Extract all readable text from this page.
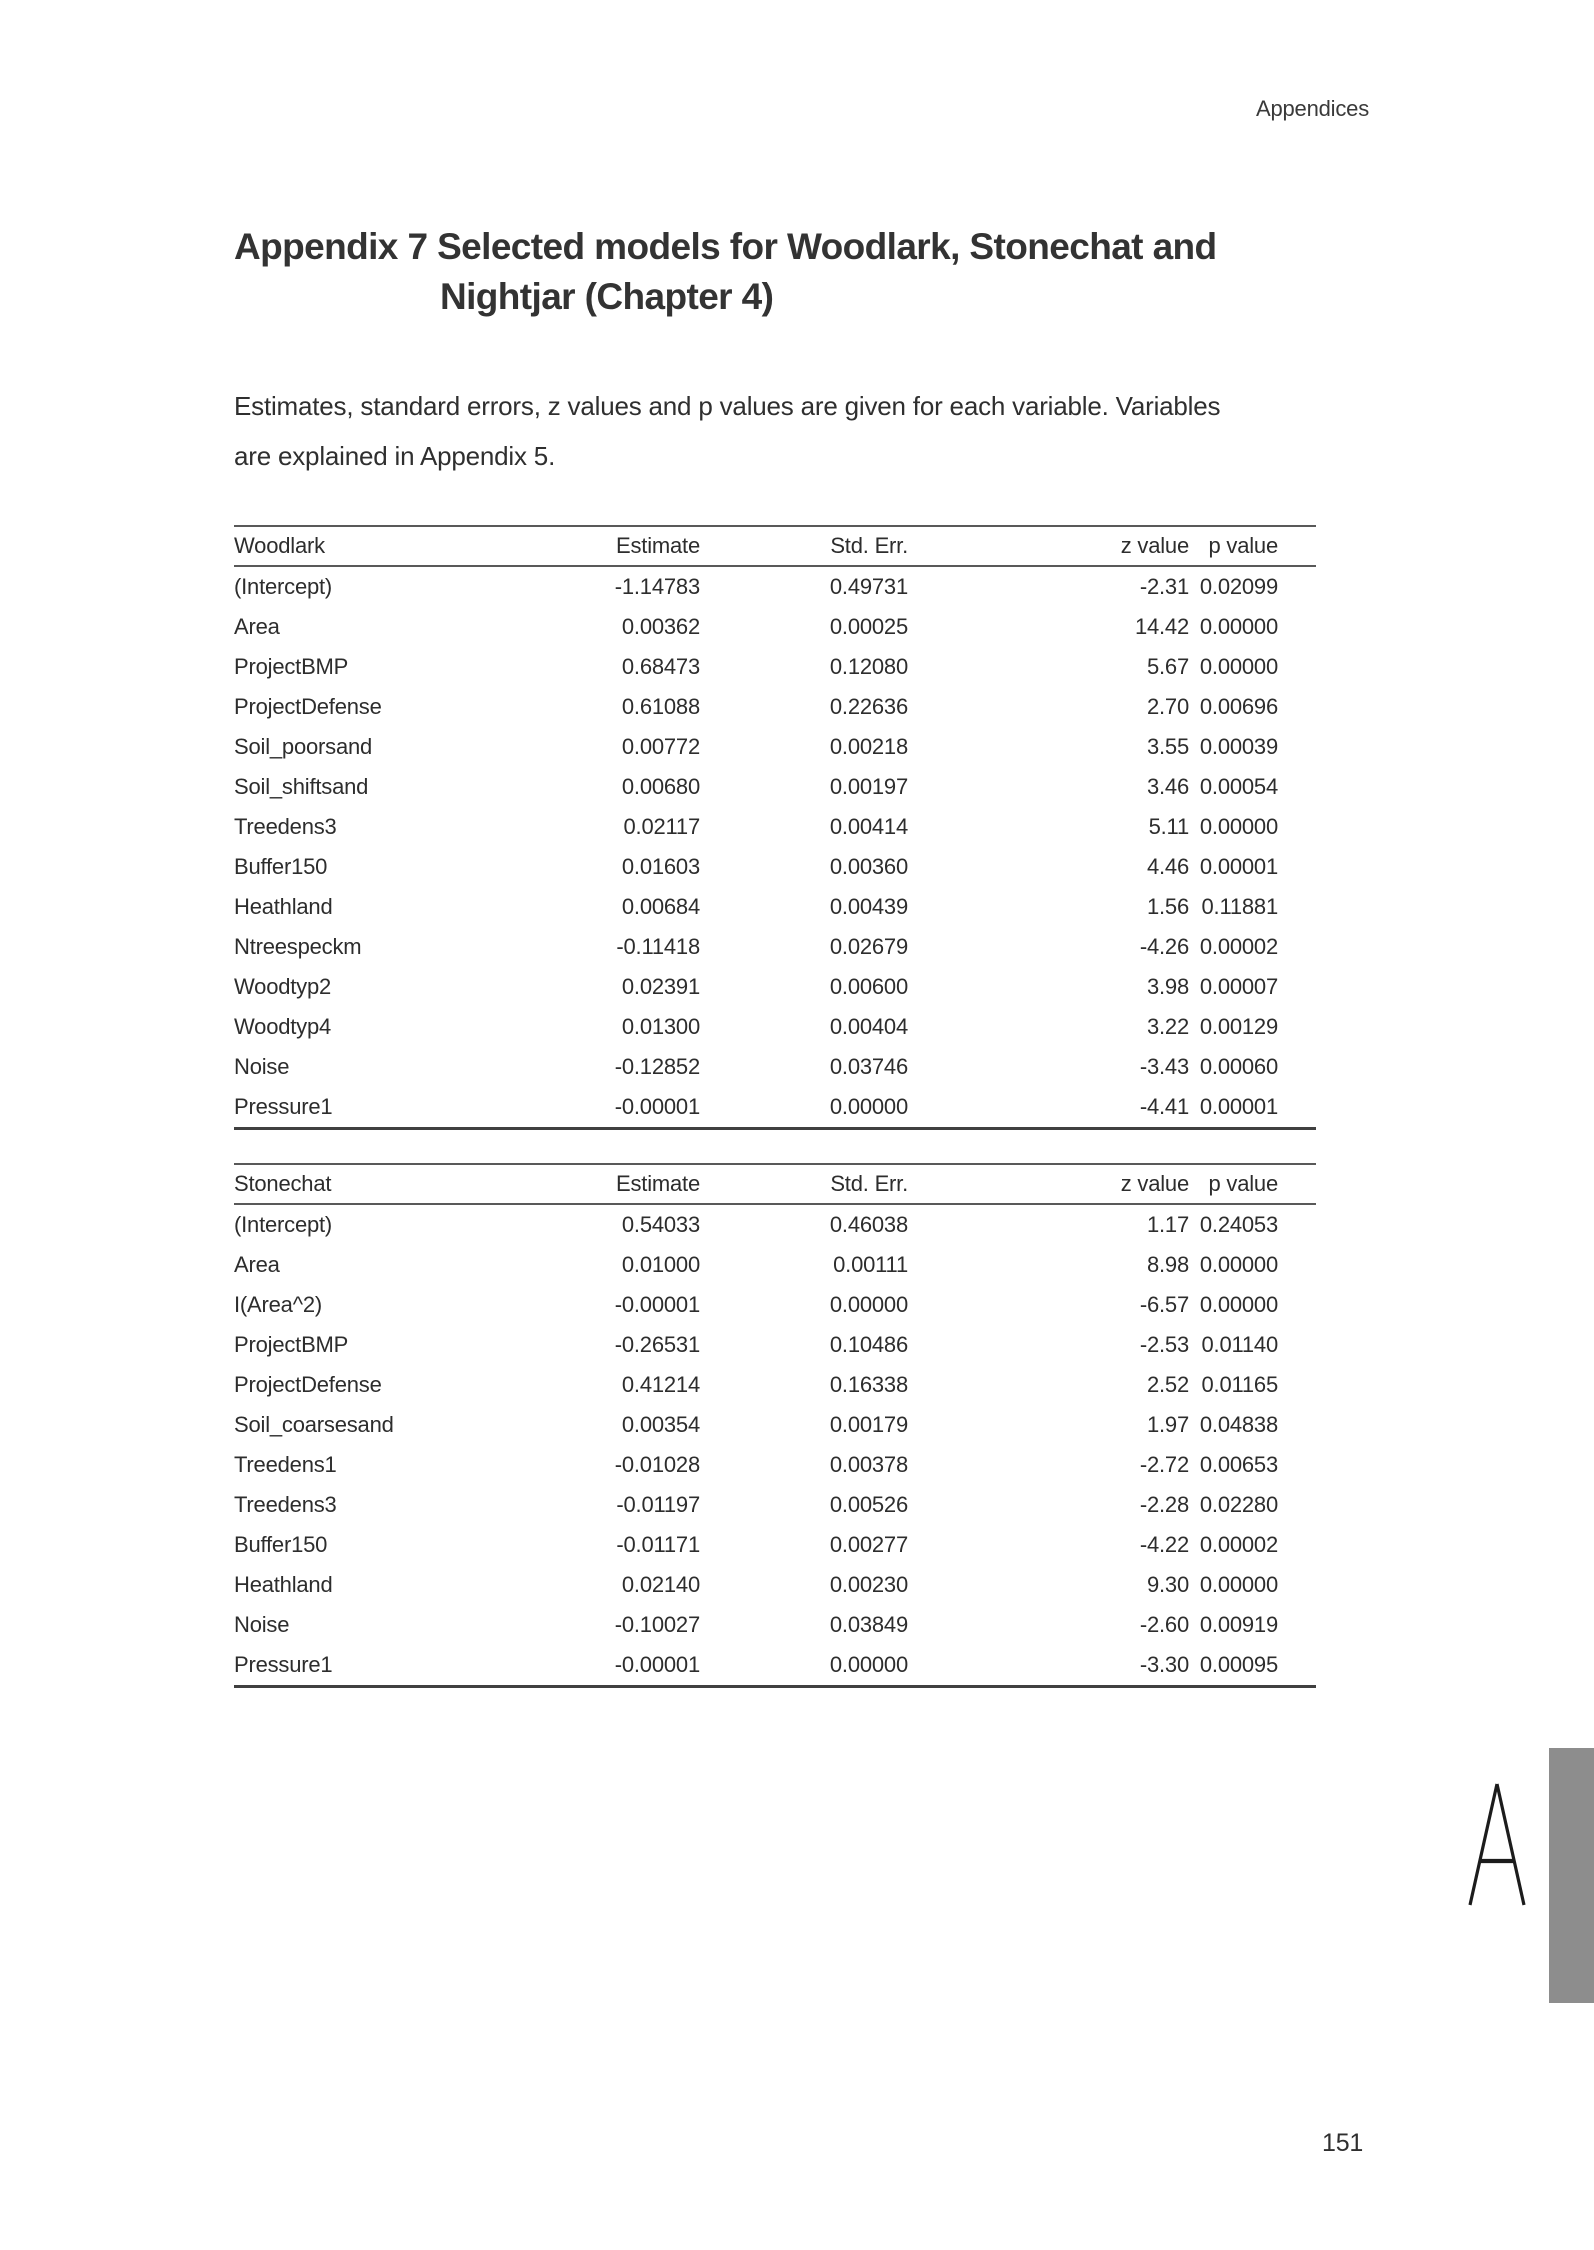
Appendices
Appendix 7 Selected models for Woodlark, Stonechat and
Nightjar (Chapter 4)

Estimates, standard errors, z values and p values are given for each variable. Variables
are explained in Appendix 5.

Woodlark	Estimate	Std. Err.	z value	p value
(Intercept)	-1.14783	0.49731	-2.31	0.02099
Area	0.00362	0.00025	14.42	0.00000
ProjectBMP	0.68473	0.12080	5.67	0.00000
ProjectDefense	0.61088	0.22636	2.70	0.00696
Soil_poorsand	0.00772	0.00218	3.55	0.00039
Soil_shiftsand	0.00680	0.00197	3.46	0.00054
Treedens3	0.02117	0.00414	5.11	0.00000
Buffer150	0.01603	0.00360	4.46	0.00001
Heathland	0.00684	0.00439	1.56	0.11881
Ntreespeckm	-0.11418	0.02679	-4.26	0.00002
Woodtyp2	0.02391	0.00600	3.98	0.00007
Woodtyp4	0.01300	0.00404	3.22	0.00129
Noise	-0.12852	0.03746	-3.43	0.00060
Pressure1	-0.00001	0.00000	-4.41	0.00001
Stonechat	Estimate	Std. Err.	z value	p value
(Intercept)	0.54033	0.46038	1.17	0.24053
Area	0.01000	0.00111	8.98	0.00000
I(Area^2)	-0.00001	0.00000	-6.57	0.00000
ProjectBMP	-0.26531	0.10486	-2.53	0.01140
ProjectDefense	0.41214	0.16338	2.52	0.01165
Soil_coarsesand	0.00354	0.00179	1.97	0.04838
Treedens1	-0.01028	0.00378	-2.72	0.00653
Treedens3	-0.01197	0.00526	-2.28	0.02280
Buffer150	-0.01171	0.00277	-4.22	0.00002
Heathland	0.02140	0.00230	9.30	0.00000
Noise	-0.10027	0.03849	-2.60	0.00919
Pressure1	-0.00001	0.00000	-3.30	0.00095
151
